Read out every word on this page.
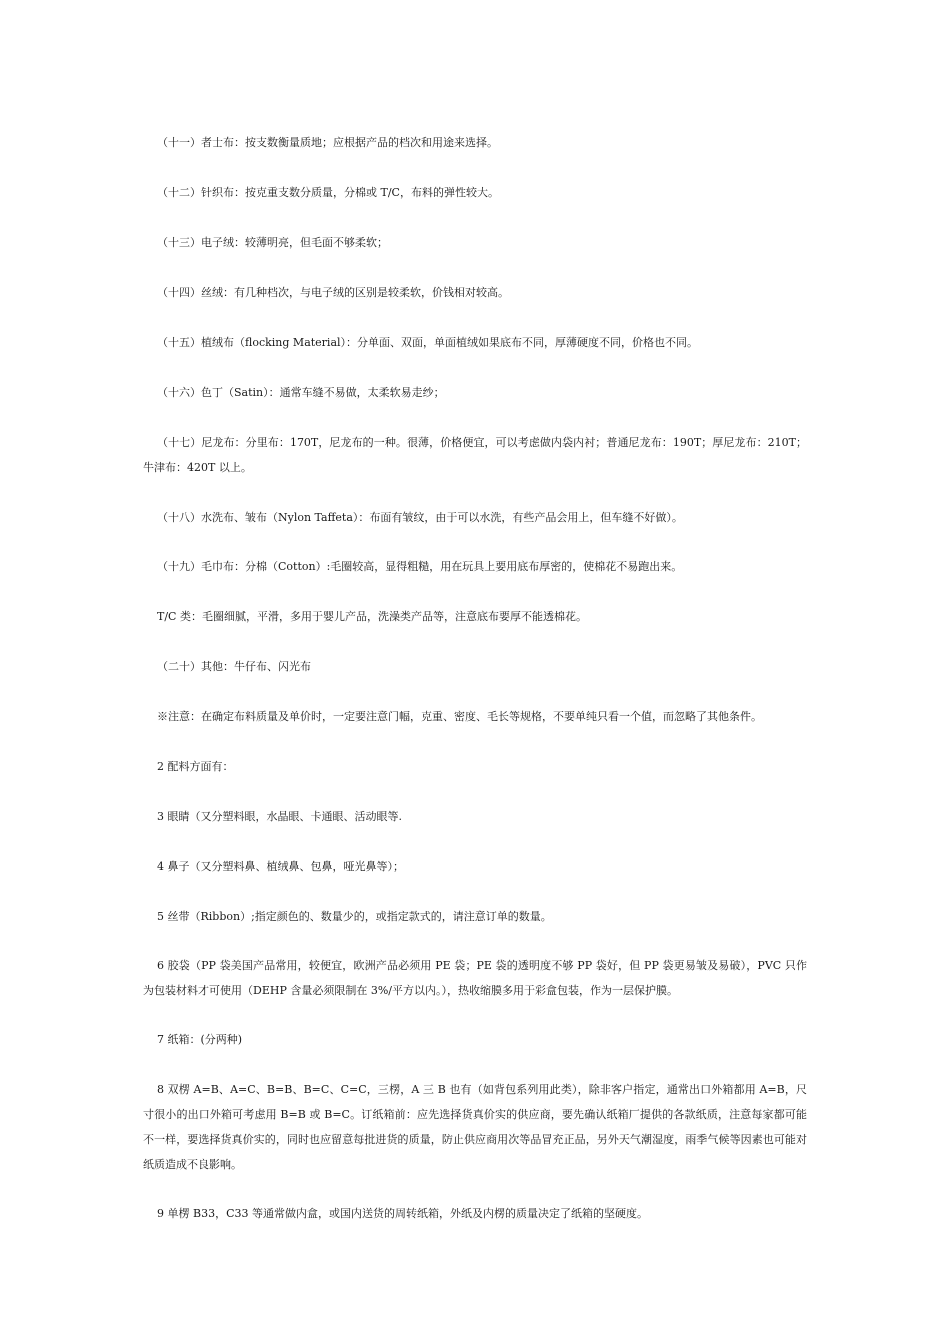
（十一）者士布：按支数衡量质地；应根据产品的档次和用途来选择。

（十二）针织布：按克重支数分质量，分棉或 T/C，布料的弹性较大。

（十三）电子绒：较薄明亮，但毛面不够柔软；

（十四）丝绒：有几种档次，与电子绒的区别是较柔软，价钱相对较高。

（十五）植绒布（flocking Material）：分单面、双面，单面植绒如果底布不同，厚薄硬度不同，价格也不同。

（十六）色丁（Satin）：通常车缝不易做，太柔软易走纱；

（十七）尼龙布：分里布：170T，尼龙布的一种。很薄，价格便宜，可以考虑做内袋内衬；普通尼龙布：190T；厚尼龙布：210T；牛津布：420T 以上。

（十八）水洗布、皱布（Nylon Taffeta）：布面有皱纹，由于可以水洗，有些产品会用上，但车缝不好做）。

（十九）毛巾布：分棉（Cotton）:毛圈较高，显得粗糙，用在玩具上要用底布厚密的，使棉花不易跑出来。

T/C 类：毛圈细腻，平滑，多用于婴儿产品，洗澡类产品等，注意底布要厚不能透棉花。

（二十）其他：牛仔布、闪光布

※注意：在确定布料质量及单价时，一定要注意门幅，克重、密度、毛长等规格，不要单纯只看一个值，而忽略了其他条件。

2 配料方面有：

3 眼睛（又分塑料眼，水晶眼、卡通眼、活动眼等.

4 鼻子（又分塑料鼻、植绒鼻、包鼻，哑光鼻等）；

5 丝带（Ribbon）;指定颜色的、数量少的，或指定款式的，请注意订单的数量。

6 胶袋（PP 袋美国产品常用，较便宜，欧洲产品必须用 PE 袋；PE 袋的透明度不够 PP 袋好，但 PP 袋更易皱及易破），PVC 只作为包装材料才可使用（DEHP 含量必须限制在 3%/平方以内。），热收缩膜多用于彩盒包装，作为一层保护膜。

7 纸箱：(分两种)

8 双楞 A=B、A=C、B=B、B=C、C=C，三楞，A 三 B 也有（如背包系列用此类），除非客户指定，通常出口外箱都用 A=B，尺寸很小的出口外箱可考虑用 B=B 或 B=C。订纸箱前：应先选择货真价实的供应商，要先确认纸箱厂提供的各款纸质，注意每家都可能不一样，要选择货真价实的，同时也应留意每批进货的质量，防止供应商用次等品冒充正品，另外天气潮湿度，雨季气候等因素也可能对纸质造成不良影响。

9 单楞 B33，C33 等通常做内盒，或国内送货的周转纸箱，外纸及内楞的质量决定了纸箱的坚硬度。
